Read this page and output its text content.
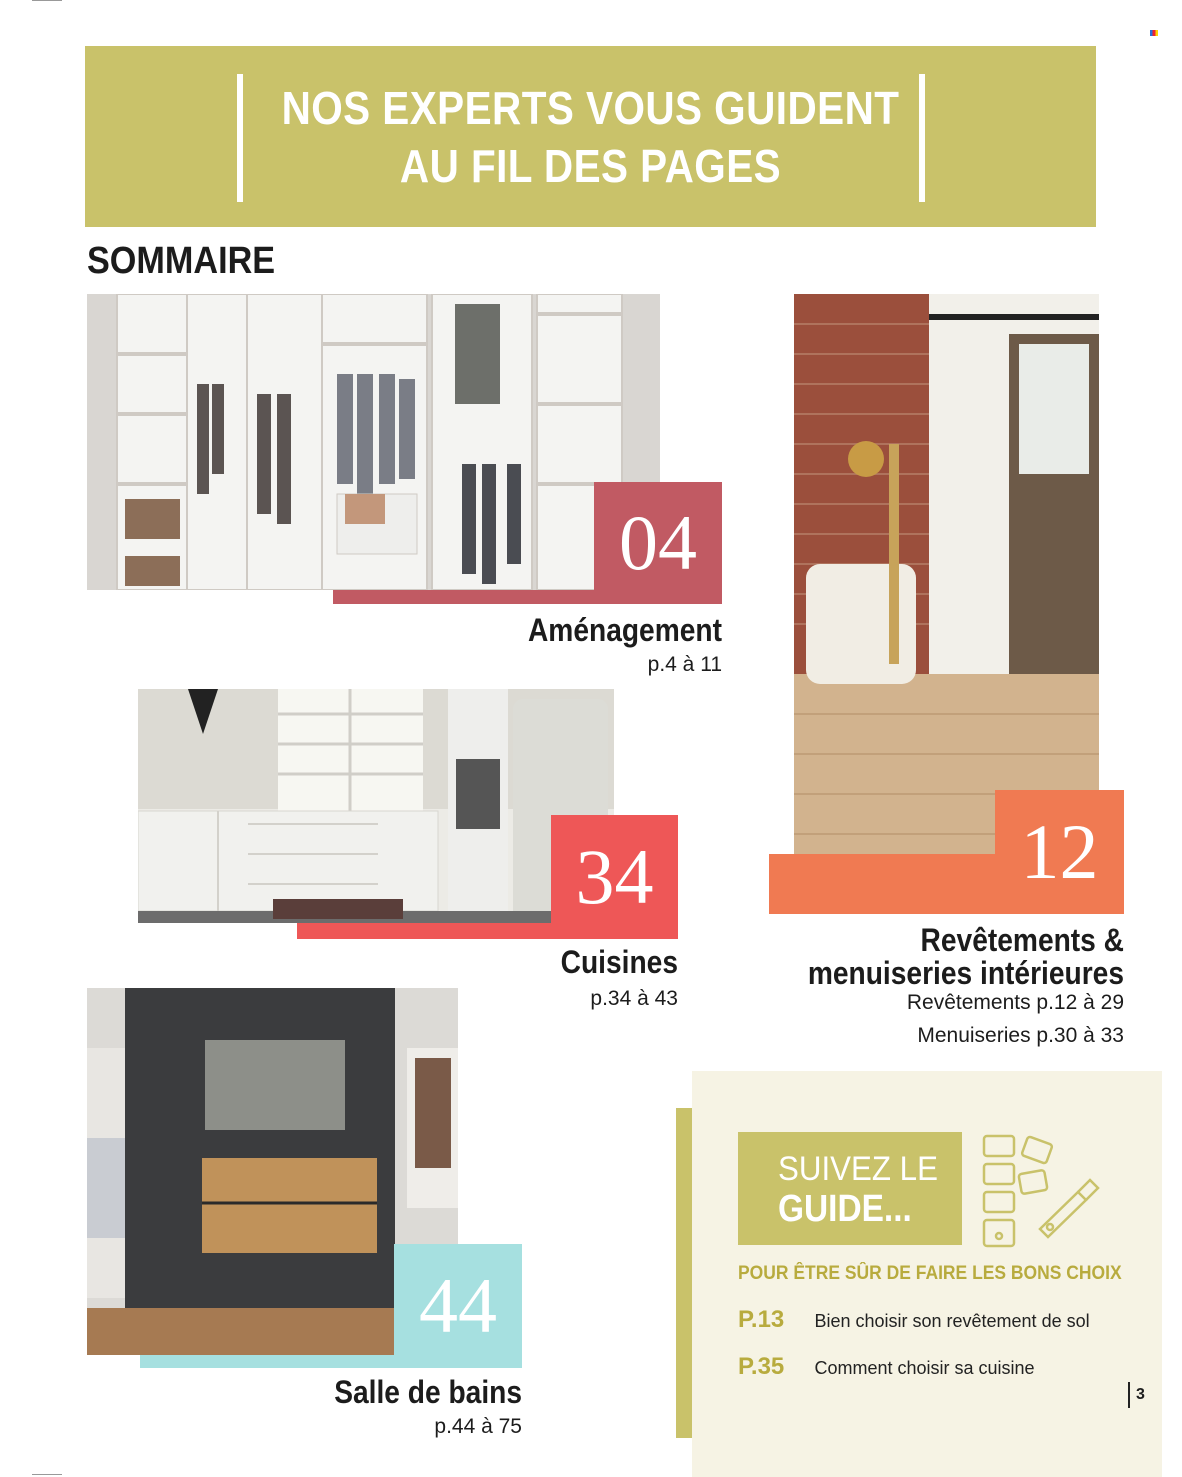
NOS EXPERTS VOUS GUIDENT
AU FIL DES PAGES
SOMMAIRE
04
Aménagement
p.4 à 11
34
Cuisines
p.34 à 43
12
Revêtements &
menuiseries intérieures
Revêtements p.12 à 29
Menuiseries p.30 à 33
44
Salle de bains
p.44 à 75
SUIVEZ LE
GUIDE...
POUR ÊTRE SÛR DE FAIRE LES BONS CHOIX
P.13 Bien choisir son revêtement de sol
P.35 Comment choisir sa cuisine
3
